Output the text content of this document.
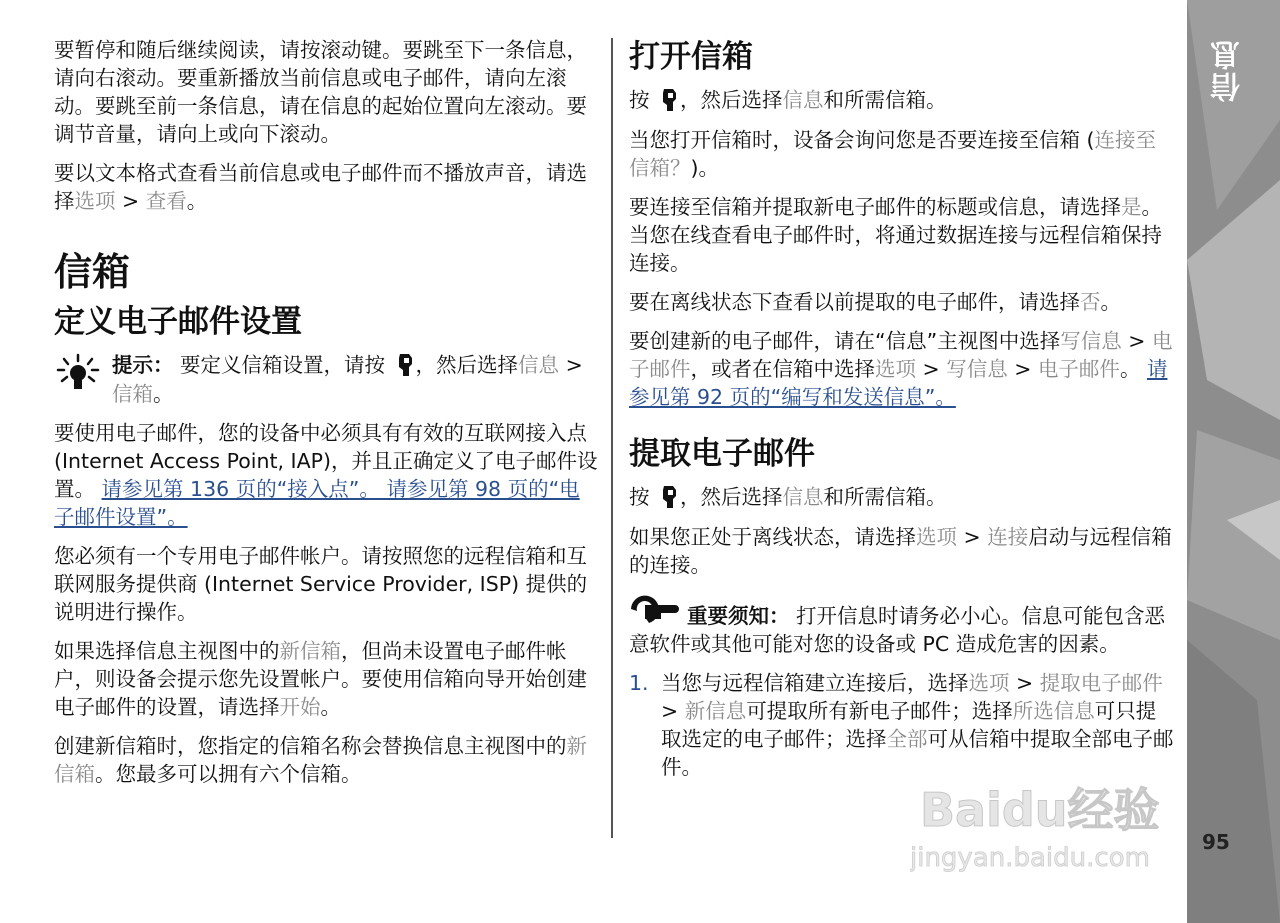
信息

要暂停和随后继续阅读，请按滚动键。要跳至下一条信息，请向右滚动。要重新播放当前信息或电子邮件，请向左滚动。要跳至前一条信息，请在信息的起始位置向左滚动。要调节音量，请向上或向下滚动。

要以文本格式查看当前信息或电子邮件而不播放声音，请选择选项 > 查看。

信箱
定义电子邮件设置
提示： 要定义信箱设置，请按 ，然后选择信息 > 信箱。

要使用电子邮件，您的设备中必须具有有效的互联网接入点 (Internet Access Point, IAP)，并且正确定义了电子邮件设置。 请参见第 136 页的“接入点”。 请参见第 98 页的“电子邮件设置”。

您必须有一个专用电子邮件帐户。请按照您的远程信箱和互联网服务提供商 (Internet Service Provider, ISP) 提供的说明进行操作。

如果选择信息主视图中的新信箱，但尚未设置电子邮件帐户，则设备会提示您先设置帐户。要使用信箱向导开始创建电子邮件的设置，请选择开始。

创建新信箱时，您指定的信箱名称会替换信息主视图中的新信箱。您最多可以拥有六个信箱。

打开信箱

按 ，然后选择信息和所需信箱。

当您打开信箱时，设备会询问您是否要连接至信箱 (连接至信箱？)。

要连接至信箱并提取新电子邮件的标题或信息，请选择是。当您在线查看电子邮件时，将通过数据连接与远程信箱保持连接。

要在离线状态下查看以前提取的电子邮件，请选择否。

要创建新的电子邮件，请在“信息”主视图中选择写信息 > 电子邮件，或者在信箱中选择选项 > 写信息 > 电子邮件。 请参见第 92 页的“编写和发送信息”。

提取电子邮件

按 ，然后选择信息和所需信箱。

如果您正处于离线状态，请选择选项 > 连接启动与远程信箱的连接。

重要须知： 打开信息时请务必小心。信息可能包含恶意软件或其他可能对您的设备或 PC 造成危害的因素。

1. 当您与远程信箱建立连接后，选择选项 > 提取电子邮件 > 新信息可提取所有新电子邮件；选择所选信息可只提取选定的电子邮件；选择全部可从信箱中提取全部电子邮件。
95
Baidu经验
jingyan.baidu.com
